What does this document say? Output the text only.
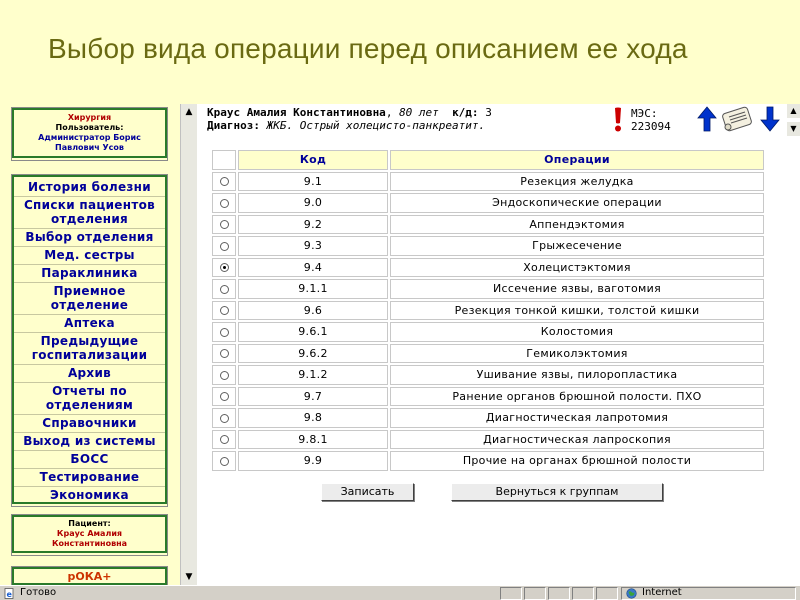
Выбор вида операции перед описанием ее хода
Хирургия
Пользователь:
Администратор Борис
Павлович Усов
История болезни
Списки пациентов отделения
Выбор отделения
Мед. сестры
Параклиника
Приемное отделение
Аптека
Предыдущие госпитализации
Архив
Отчеты по отделениям
Справочники
Выход из системы
БОСС
Тестирование
Экономика
Пациент:
Краус Амалия
Константиновна
рОКА+
▲
▼
Краус Амалия Константиновна, 80 лет к/д: 3
Диагноз: ЖКБ. Острый холецисто-панкреатит.
МЭС:
223094
▲
▼
	Код	Операции
	9.1	Резекция желудка
	9.0	Эндоскопические операции
	9.2	Аппендэктомия
	9.3	Грыжесечение
	9.4	Холецистэктомия
	9.1.1	Иссечение язвы, ваготомия
	9.6	Резекция тонкой кишки, толстой кишки
	9.6.1	Колостомия
	9.6.2	Гемиколэктомия
	9.1.2	Ушивание язвы, пилоропластика
	9.7	Ранение органов брюшной полости. ПХО
	9.8	Диагностическая лапротомия
	9.8.1	Диагностическая лапроскопия
	9.9	Прочие на органах брюшной полости
Записать	Вернуться к группам
e Готово	Internet
